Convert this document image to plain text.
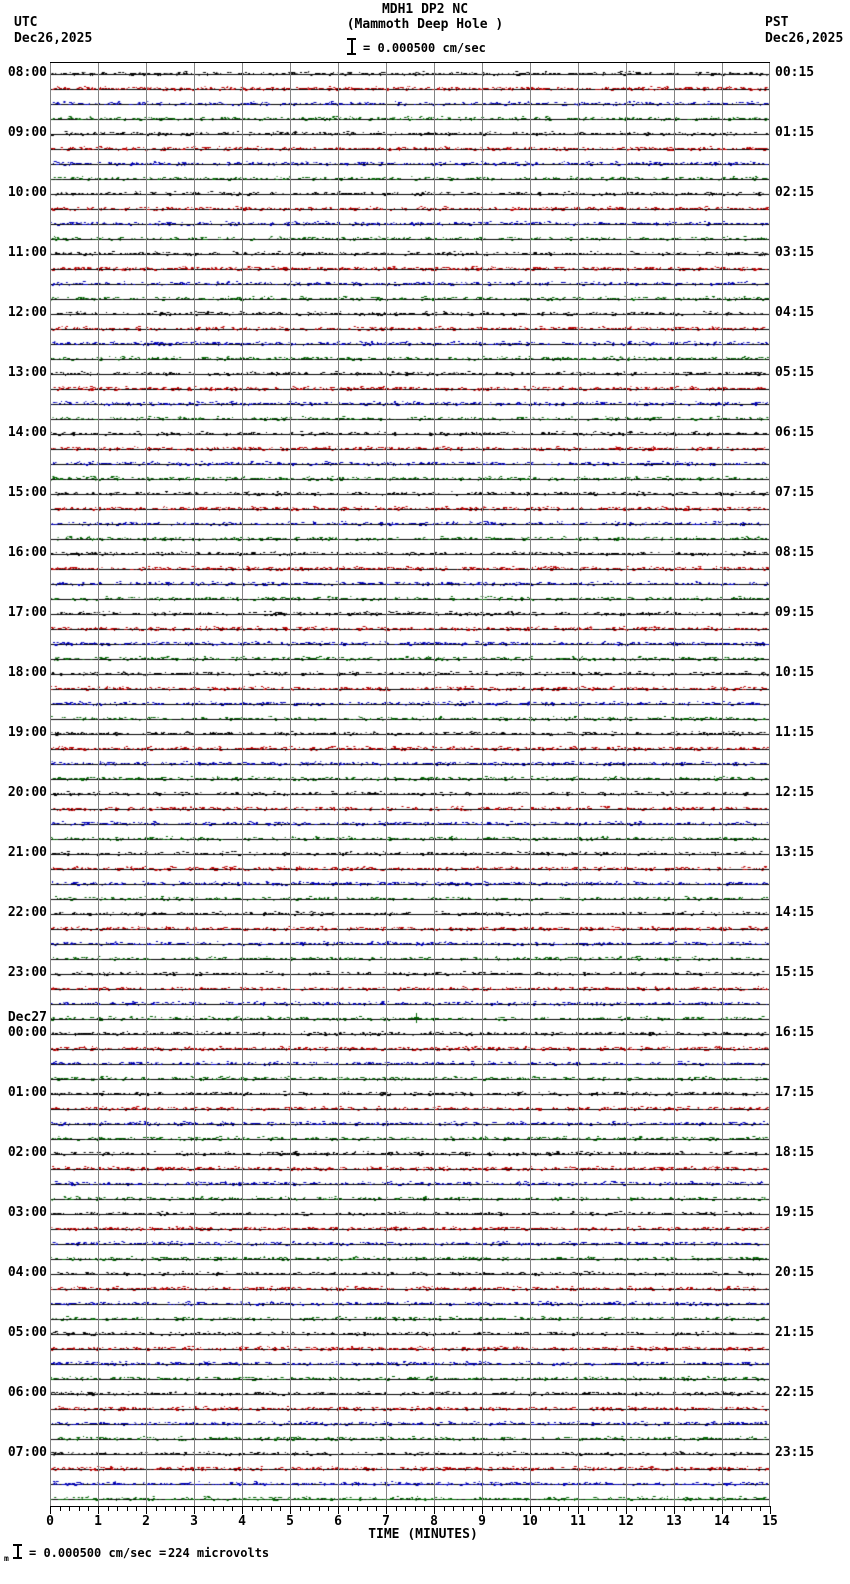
MDH1 DP2 NC
(Mammoth Deep Hole )
= 0.000500 cm/sec
UTC
Dec26,2025
PST
Dec26,2025
08:00
09:00
10:00
11:00
12:00
13:00
14:00
15:00
16:00
17:00
18:00
19:00
20:00
21:00
22:00
23:00
00:00
Dec27
01:00
02:00
03:00
04:00
05:00
06:00
07:00
00:15
01:15
02:15
03:15
04:15
05:15
06:15
07:15
08:15
09:15
10:15
11:15
12:15
13:15
14:15
15:15
16:15
17:15
18:15
19:15
20:15
21:15
22:15
23:15
0	1	2	3	4	5	6	7	8	9	10	11	12	13	14	15
TIME (MINUTES)
m = 0.000500 cm/sec = 224 microvolts
